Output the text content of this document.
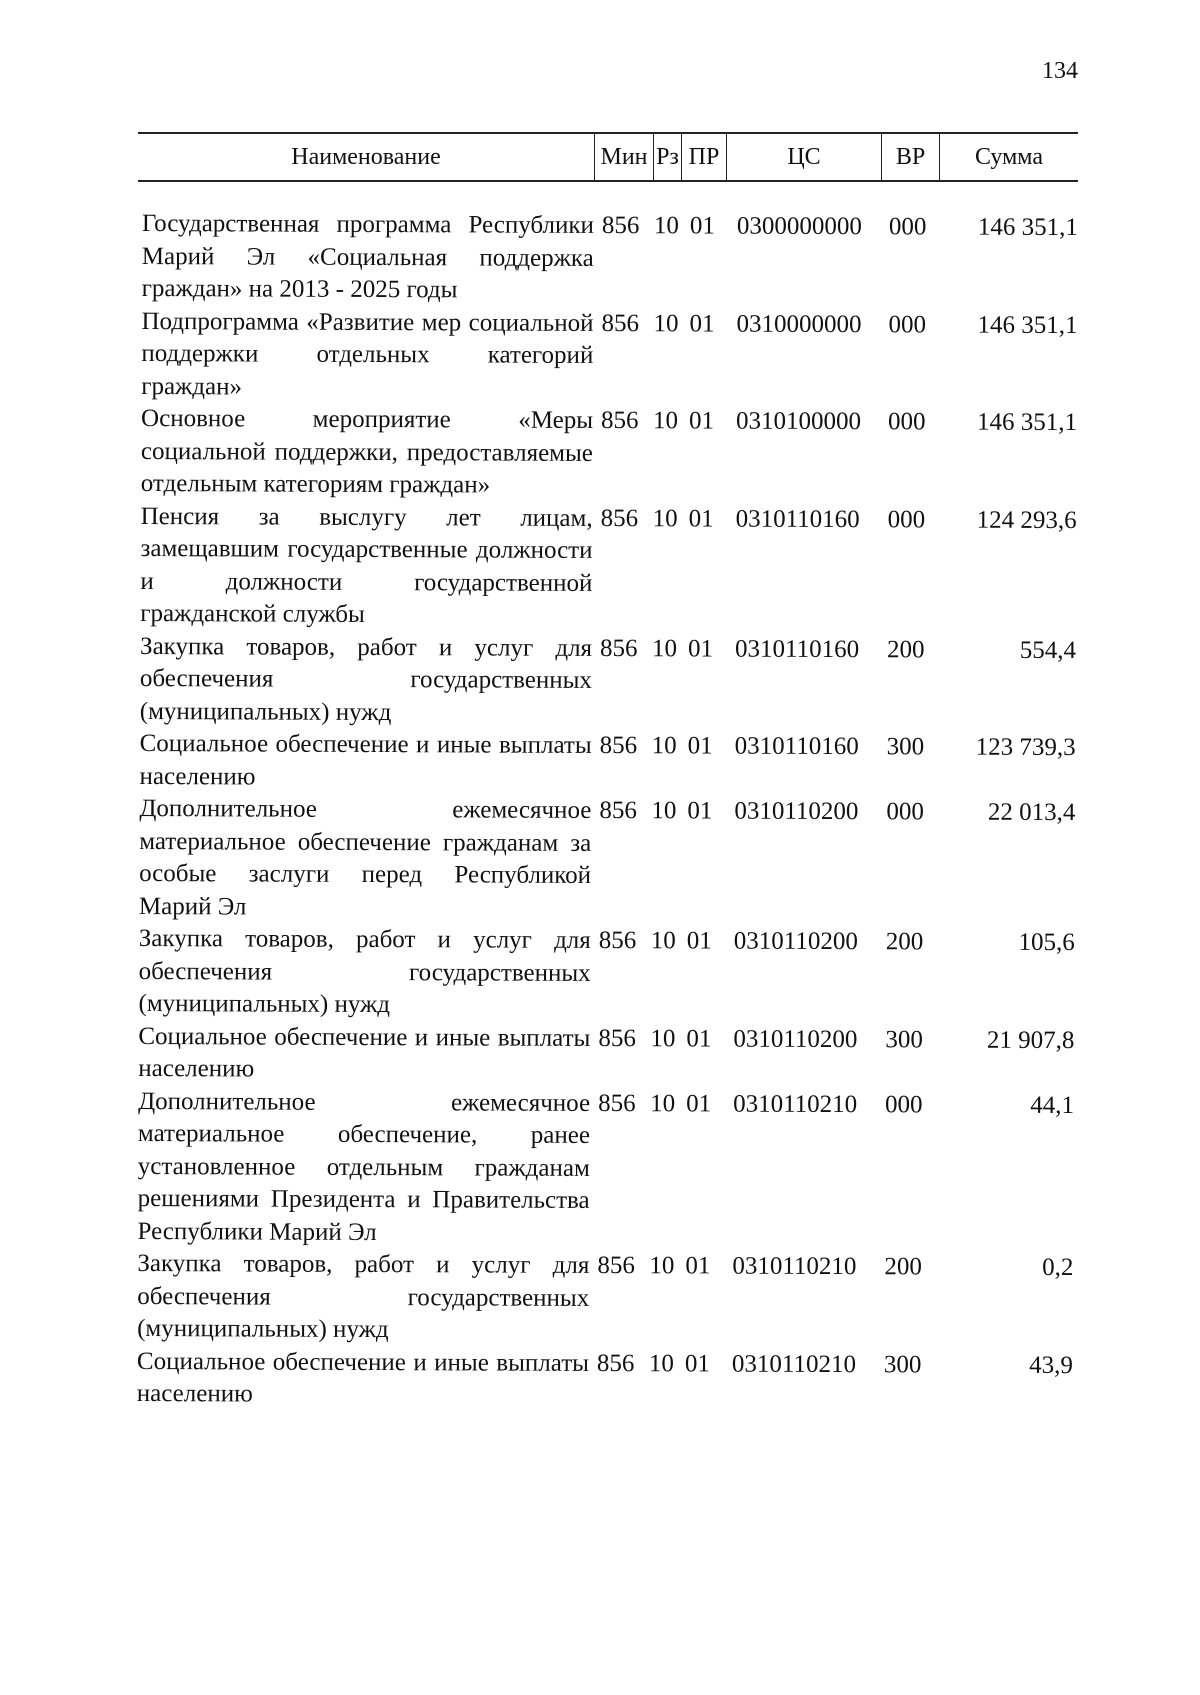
134
Наименование	Мин Рз ПР	ЦС	ВР	Сумма
Государственная программа Республики Марий Эл «Социальная поддержка граждан» на 2013 - 2025 годы
856 10 01 0300000000	000	146 351,1
Подпрограмма «Развитие мер социальной поддержки отдельных категорий граждан»
856 10 01 0310000000	000	146 351,1
Основное мероприятие «Меры социальной поддержки, предоставляемые отдельным категориям граждан»
856 10 01 0310100000	000	146 351,1
Пенсия за выслугу лет лицам, замещавшим государственные должности и должности государственной гражданской службы
856 10 01 0310110160	000	124 293,6
Закупка товаров, работ и услуг для обеспечения государственных (муниципальных) нужд
856 10 01 0310110160	200	554,4
Социальное обеспечение и иные выплаты населению
856 10 01 0310110160	300	123 739,3
Дополнительное ежемесячное материальное обеспечение гражданам за особые заслуги перед Республикой Марий Эл
856 10 01 0310110200	000	22 013,4
Закупка товаров, работ и услуг для обеспечения государственных (муниципальных) нужд
856 10 01 0310110200	200	105,6
Социальное обеспечение и иные выплаты населению
856 10 01 0310110200	300	21 907,8
Дополнительное ежемесячное материальное обеспечение, ранее установленное отдельным гражданам решениями Президента и Правительства Республики Марий Эл
856 10 01 0310110210	000	44,1
Закупка товаров, работ и услуг для обеспечения государственных (муниципальных) нужд
856 10 01 0310110210	200	0,2
Социальное обеспечение и иные выплаты населению
856 10 01 0310110210	300	43,9
